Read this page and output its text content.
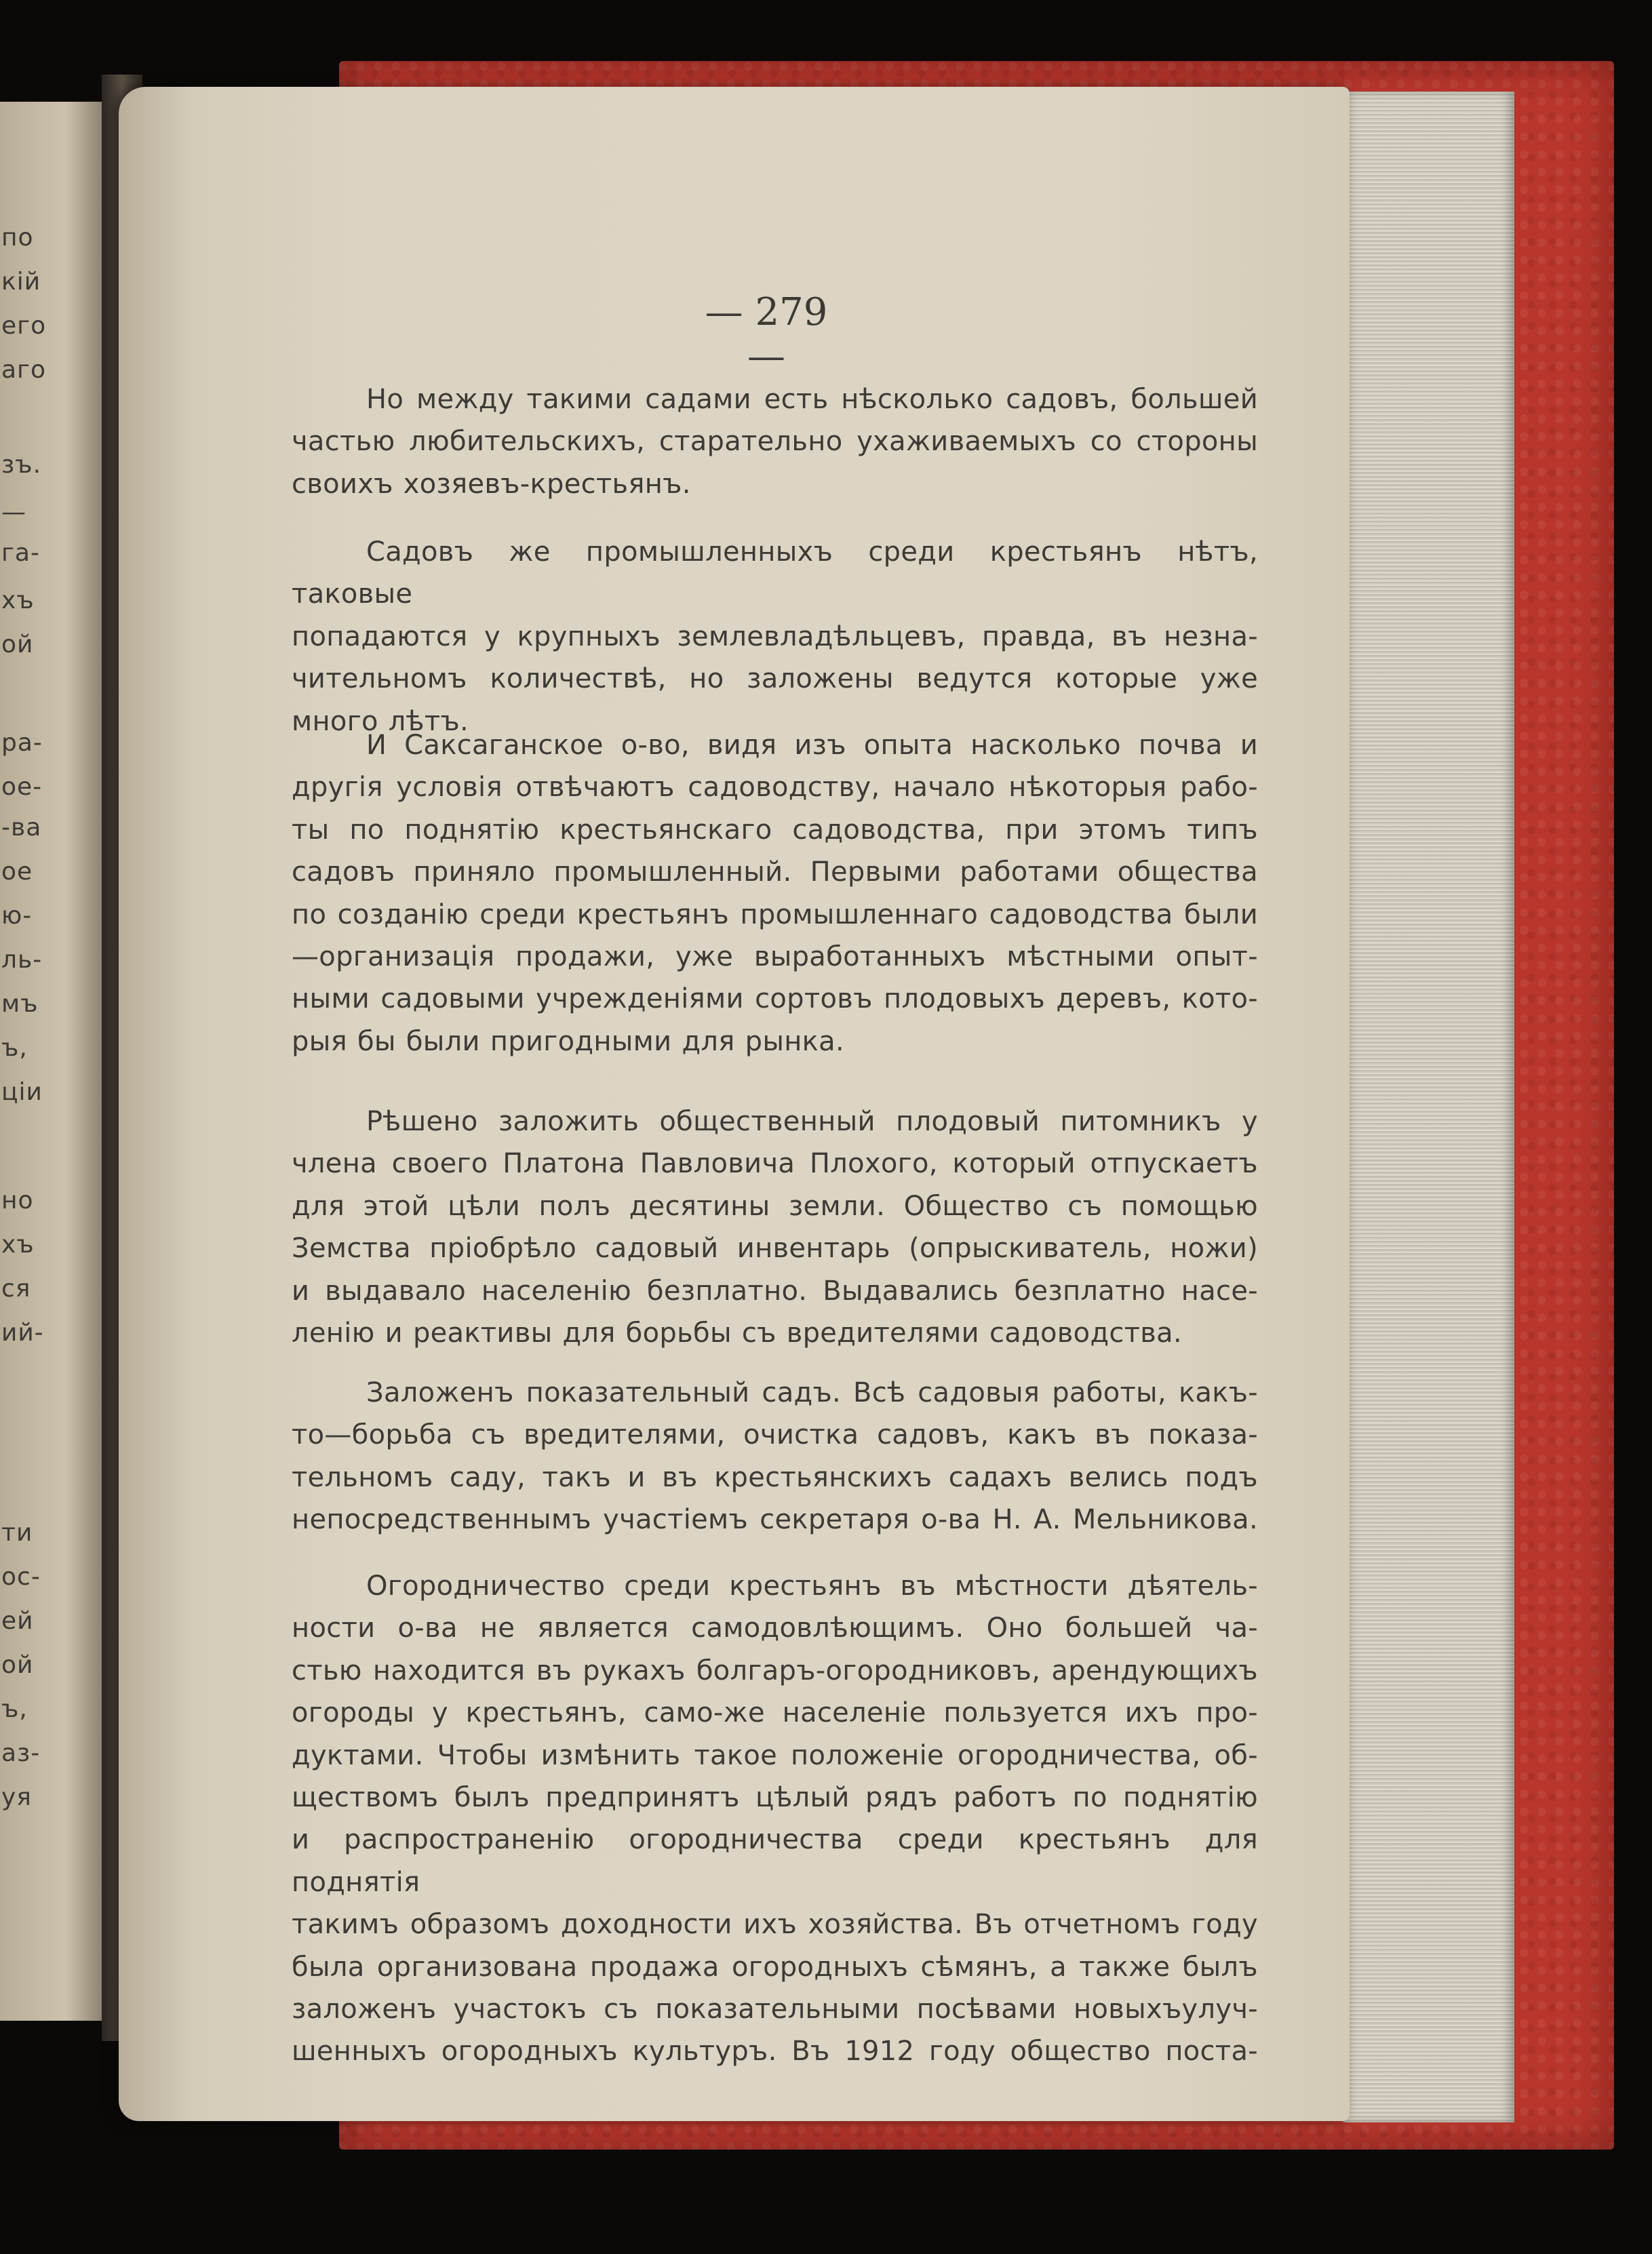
по
кій
его
аго
зъ.
—
га-
хъ
ой
ра-
ое-
-ва
ое
ю-
ль-
мъ
ъ,
ціи
но
хъ
ся
ий-
ти
ос-
ей
ой
ъ,
аз-
уя
— 279 —
Но между такими садами есть нѣсколько садовъ, большей
частью любительскихъ, старательно ухаживаемыхъ со стороны
своихъ хозяевъ-крестьянъ.
Садовъ же промышленныхъ среди крестьянъ нѣтъ, таковые
попадаются у крупныхъ землевладѣльцевъ, правда, въ незна-
чительномъ количествѣ, но заложены ведутся которые уже
много лѣтъ.
И Саксаганское о-во, видя изъ опыта насколько почва и
другія условія отвѣчаютъ садоводству, начало нѣкоторыя рабо-
ты по поднятію крестьянскаго садоводства, при этомъ типъ
садовъ приняло промышленный. Первыми работами общества
по созданію среди крестьянъ промышленнаго садоводства были
—организація продажи, уже выработанныхъ мѣстными опыт-
ными садовыми учрежденіями сортовъ плодовыхъ деревъ, кото-
рыя бы были пригодными для рынка.
Рѣшено заложить общественный плодовый питомникъ у
члена своего Платона Павловича Плохого, который отпускаетъ
для этой цѣли полъ десятины земли. Общество съ помощью
Земства пріобрѣло садовый инвентарь (опрыскиватель, ножи)
и выдавало населенію безплатно. Выдавались безплатно насе-
ленію и реактивы для борьбы съ вредителями садоводства.
Заложенъ показательный садъ. Всѣ садовыя работы, какъ-
то—борьба съ вредителями, очистка садовъ, какъ въ показа-
тельномъ саду, такъ и въ крестьянскихъ садахъ велись подъ
непосредственнымъ участіемъ секретаря о-ва Н. А. Мельникова.
Огородничество среди крестьянъ въ мѣстности дѣятель-
ности о-ва не является самодовлѣющимъ. Оно большей ча-
стью находится въ рукахъ болгаръ-огородниковъ, арендующихъ
огороды у крестьянъ, само-же населеніе пользуется ихъ про-
дуктами. Чтобы измѣнить такое положеніе огородничества, об-
ществомъ былъ предпринятъ цѣлый рядъ работъ по поднятію
и распространенію огородничества среди крестьянъ для поднятія
такимъ образомъ доходности ихъ хозяйства. Въ отчетномъ году
была организована продажа огородныхъ сѣмянъ, а также былъ
заложенъ участокъ съ показательными посѣвами новыхъулуч-
шенныхъ огородныхъ культуръ. Въ 1912 году общество поста-
